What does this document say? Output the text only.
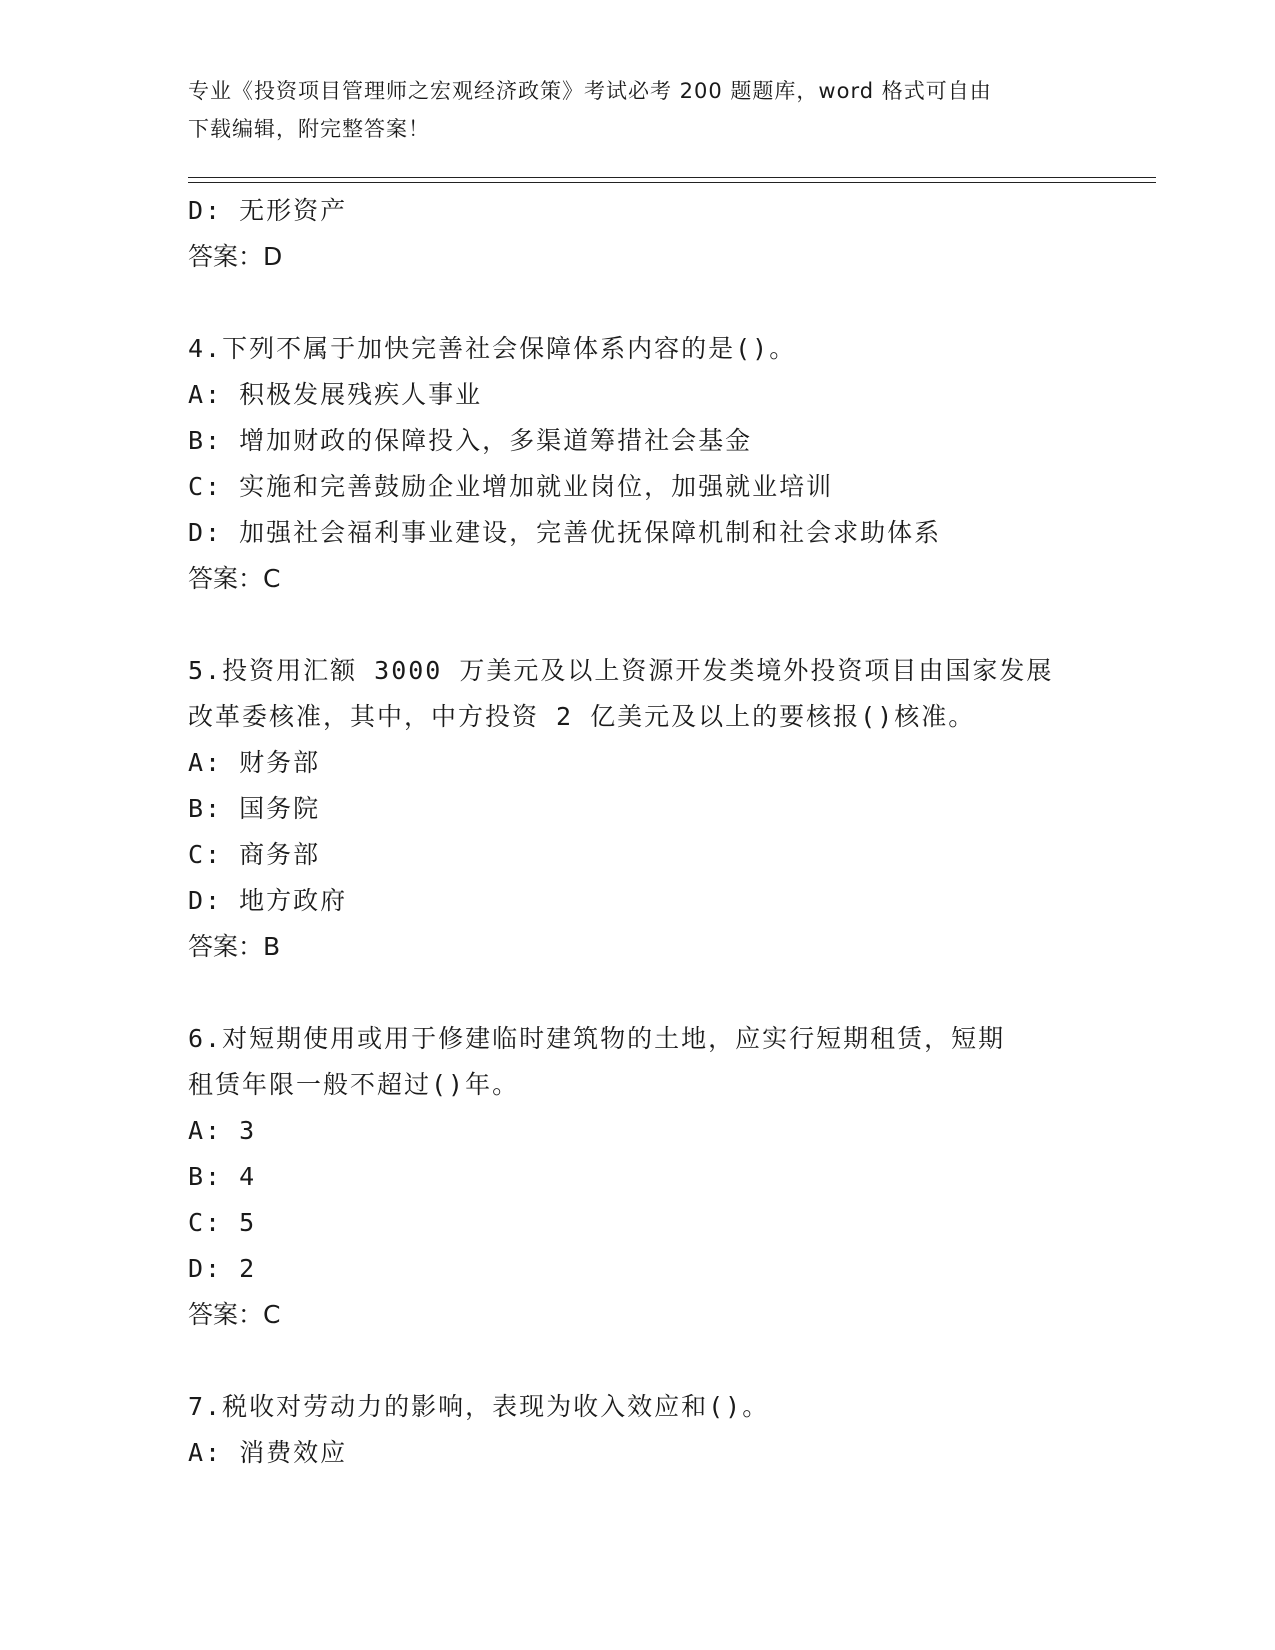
专业《投资项目管理师之宏观经济政策》考试必考 200 题题库，word 格式可自由
下载编辑，附完整答案！
D: 无形资产
答案：D
4.下列不属于加快完善社会保障体系内容的是()。
A: 积极发展残疾人事业
B: 增加财政的保障投入，多渠道筹措社会基金
C: 实施和完善鼓励企业增加就业岗位，加强就业培训
D: 加强社会福利事业建设，完善优抚保障机制和社会求助体系
答案：C
5.投资用汇额 3000 万美元及以上资源开发类境外投资项目由国家发展
改革委核准，其中，中方投资 2 亿美元及以上的要核报()核准。
A: 财务部
B: 国务院
C: 商务部
D: 地方政府
答案：B
6.对短期使用或用于修建临时建筑物的土地，应实行短期租赁，短期
租赁年限一般不超过()年。
A: 3
B: 4
C: 5
D: 2
答案：C
7.税收对劳动力的影响，表现为收入效应和()。
A: 消费效应
